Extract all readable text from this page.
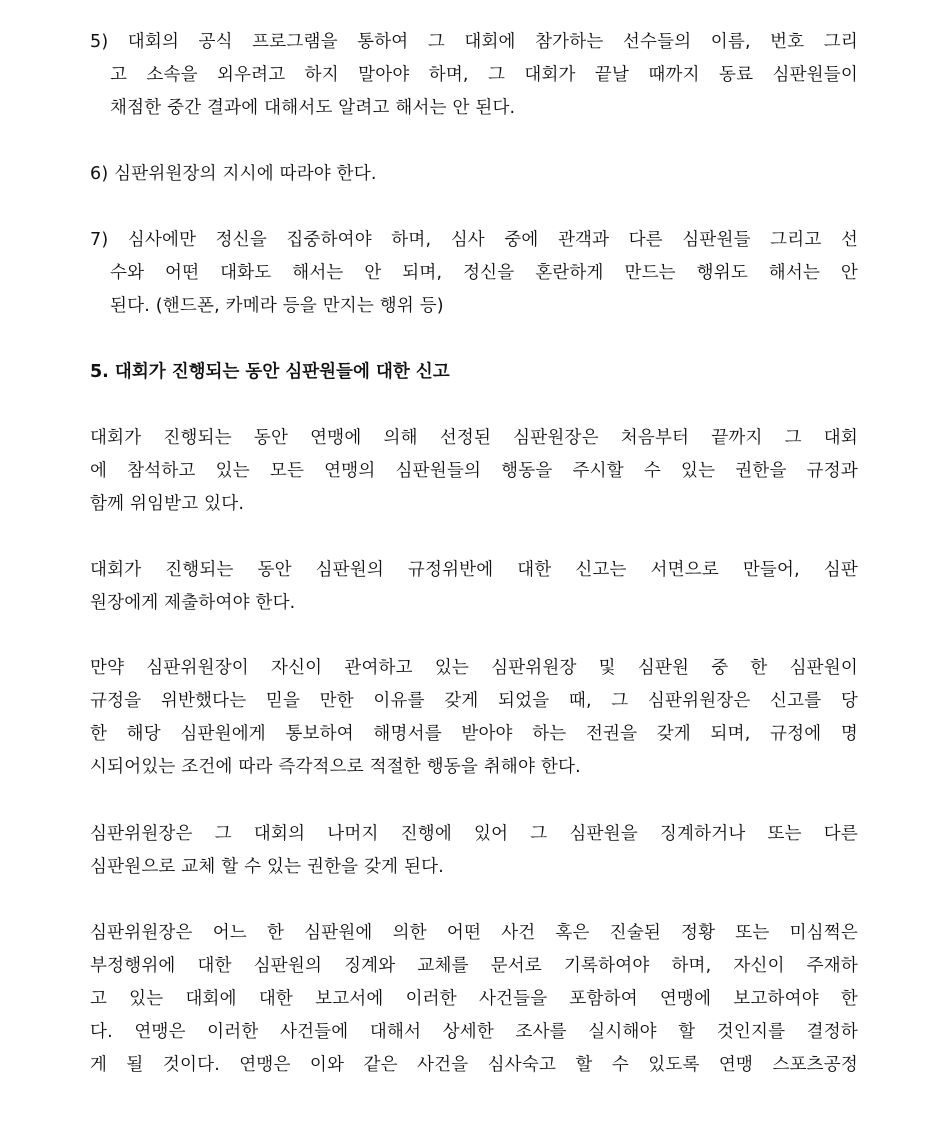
5) 대회의 공식 프로그램을 통하여 그 대회에 참가하는 선수들의 이름, 번호 그리
고 소속을 외우려고 하지 말아야 하며, 그 대회가 끝날 때까지 동료 심판원들이
채점한 중간 결과에 대해서도 알려고 해서는 안 된다.
6) 심판위원장의 지시에 따라야 한다.
7) 심사에만 정신을 집중하여야 하며, 심사 중에 관객과 다른 심판원들 그리고 선
수와 어떤 대화도 해서는 안 되며, 정신을 혼란하게 만드는 행위도 해서는 안
된다. (핸드폰, 카메라 등을 만지는 행위 등)
5. 대회가 진행되는 동안 심판원들에 대한 신고
대회가 진행되는 동안 연맹에 의해 선정된 심판원장은 처음부터 끝까지 그 대회
에 참석하고 있는 모든 연맹의 심판원들의 행동을 주시할 수 있는 권한을 규정과
함께 위임받고 있다.
대회가 진행되는 동안 심판원의 규정위반에 대한 신고는 서면으로 만들어, 심판
원장에게 제출하여야 한다.
만약 심판위원장이 자신이 관여하고 있는 심판위원장 및 심판원 중 한 심판원이
규정을 위반했다는 믿을 만한 이유를 갖게 되었을 때, 그 심판위원장은 신고를 당
한 해당 심판원에게 통보하여 해명서를 받아야 하는 전권을 갖게 되며, 규정에 명
시되어있는 조건에 따라 즉각적으로 적절한 행동을 취해야 한다.
심판위원장은 그 대회의 나머지 진행에 있어 그 심판원을 징계하거나 또는 다른
심판원으로 교체 할 수 있는 권한을 갖게 된다.
심판위원장은 어느 한 심판원에 의한 어떤 사건 혹은 진술된 정황 또는 미심쩍은
부정행위에 대한 심판원의 징계와 교체를 문서로 기록하여야 하며, 자신이 주재하
고 있는 대회에 대한 보고서에 이러한 사건들을 포함하여 연맹에 보고하여야 한
다. 연맹은 이러한 사건들에 대해서 상세한 조사를 실시해야 할 것인지를 결정하
게 될 것이다. 연맹은 이와 같은 사건을 심사숙고 할 수 있도록 연맹 스포츠공정
